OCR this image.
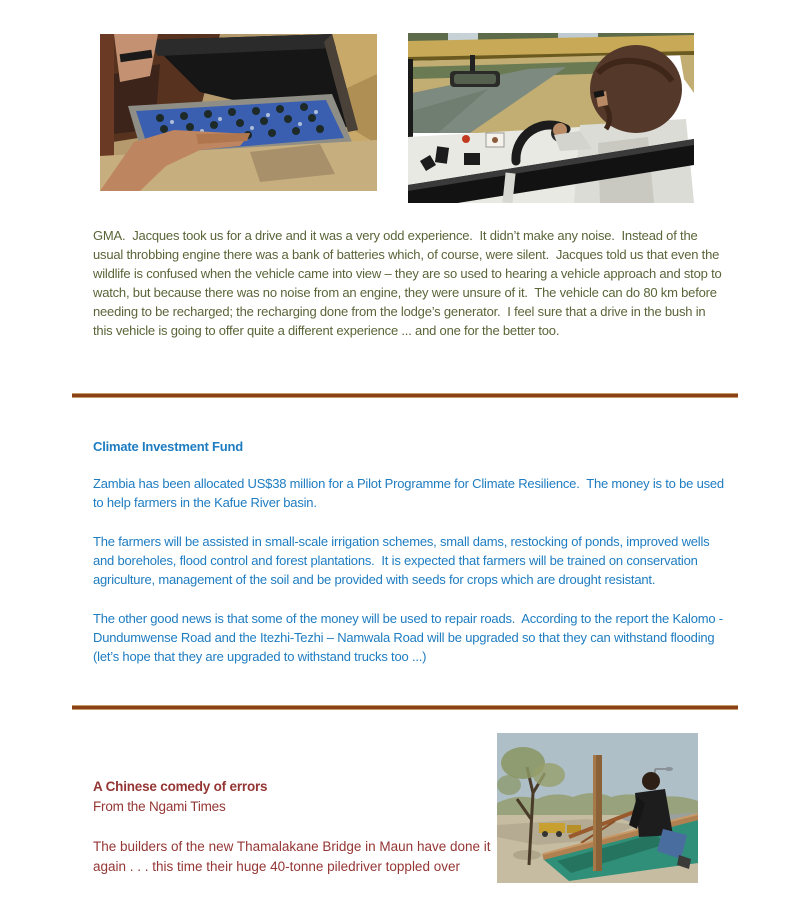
GMA.  Jacques took us for a drive and it was a very odd experience.  It didn’t make any noise.  Instead of the usual throbbing engine there was a bank of batteries which, of course, were silent.  Jacques told us that even the wildlife is confused when the vehicle came into view – they are so used to hearing a vehicle approach and stop to watch, but because there was no noise from an engine, they were unsure of it.  The vehicle can do 80 km before needing to be recharged; the recharging done from the lodge’s generator.  I feel sure that a drive in the bush in this vehicle is going to offer quite a different experience ... and one for the better too.

Climate Investment Fund

Zambia has been allocated US$38 million for a Pilot Programme for Climate Resilience.  The money is to be used to help farmers in the Kafue River basin.

The farmers will be assisted in small-scale irrigation schemes, small dams, restocking of ponds, improved wells and boreholes, flood control and forest plantations.  It is expected that farmers will be trained on conservation agriculture, management of the soil and be provided with seeds for crops which are drought resistant.

The other good news is that some of the money will be used to repair roads.  According to the report the Kalomo - Dundumwense Road and the Itezhi-Tezhi – Namwala Road will be upgraded so that they can withstand flooding (let’s hope that they are upgraded to withstand trucks too ...)

A Chinese comedy of errors
From the Ngami Times

The builders of the new Thamalakane Bridge in Maun have done it again . . . this time their huge 40-tonne piledriver toppled over
